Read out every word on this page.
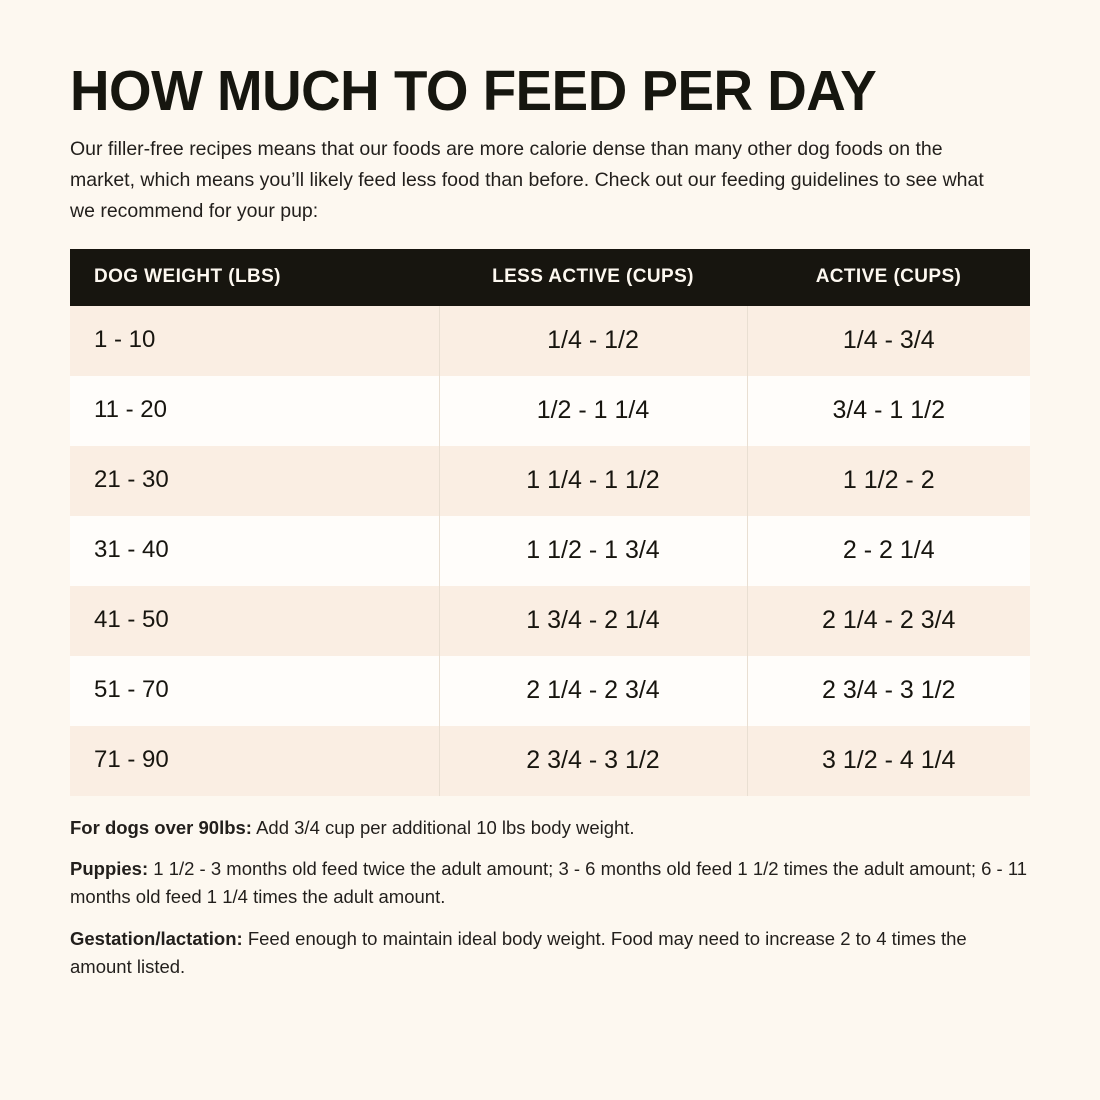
HOW MUCH TO FEED PER DAY

Our filler-free recipes means that our foods are more calorie dense than many other dog foods on the market, which means you’ll likely feed less food than before. Check out our feeding guidelines to see what we recommend for your pup:

DOG WEIGHT (LBS)	LESS ACTIVE (CUPS)	ACTIVE (CUPS)
1 - 10	1/4 - 1/2	1/4 - 3/4
11 - 20	1/2 - 1 1/4	3/4 - 1 1/2
21 - 30	1 1/4 - 1 1/2	1 1/2 - 2
31 - 40	1 1/2 - 1 3/4	2 - 2 1/4
41 - 50	1 3/4 - 2 1/4	2 1/4 - 2 3/4
51 - 70	2 1/4 - 2 3/4	2 3/4 - 3 1/2
71 - 90	2 3/4 - 3 1/2	3 1/2 - 4 1/4

For dogs over 90lbs: Add 3/4 cup per additional 10 lbs body weight.

Puppies: 1 1/2 - 3 months old feed twice the adult amount; 3 - 6 months old feed 1 1/2 times the adult amount; 6 - 11 months old feed 1 1/4 times the adult amount.

Gestation/lactation: Feed enough to maintain ideal body weight. Food may need to increase 2 to 4 times the amount listed.
